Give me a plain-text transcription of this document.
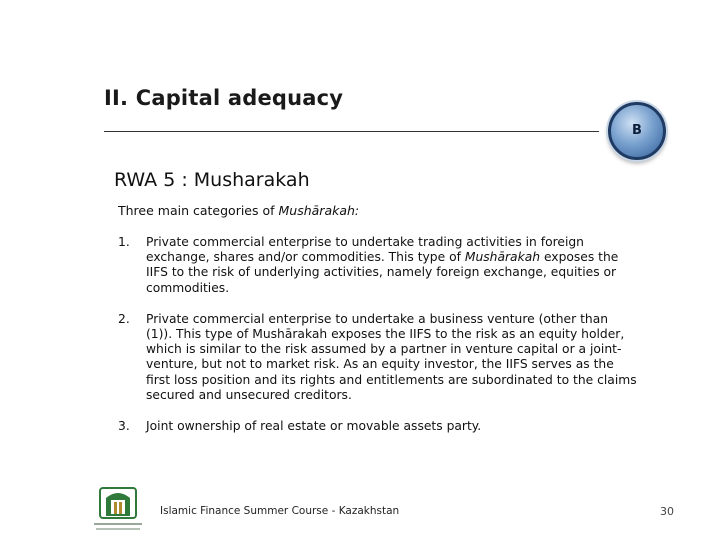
II. Capital adequacy
B
RWA 5 : Musharakah
Three main categories of Mushārakah:
1.	Private commercial enterprise to undertake trading activities in foreign exchange, shares and/or commodities. This type of Mushārakah exposes the IIFS to the risk of underlying activities, namely foreign exchange, equities or commodities.
2.	Private commercial enterprise to undertake a business venture (other than (1)). This type of Mushārakah exposes the IIFS to the risk as an equity holder, which is similar to the risk assumed by a partner in venture capital or a joint-venture, but not to market risk. As an equity investor, the IIFS serves as the first loss position and its rights and entitlements are subordinated to the claims secured and unsecured creditors.
3.	Joint ownership of real estate or movable assets party.
Islamic Finance Summer Course - Kazakhstan	30
